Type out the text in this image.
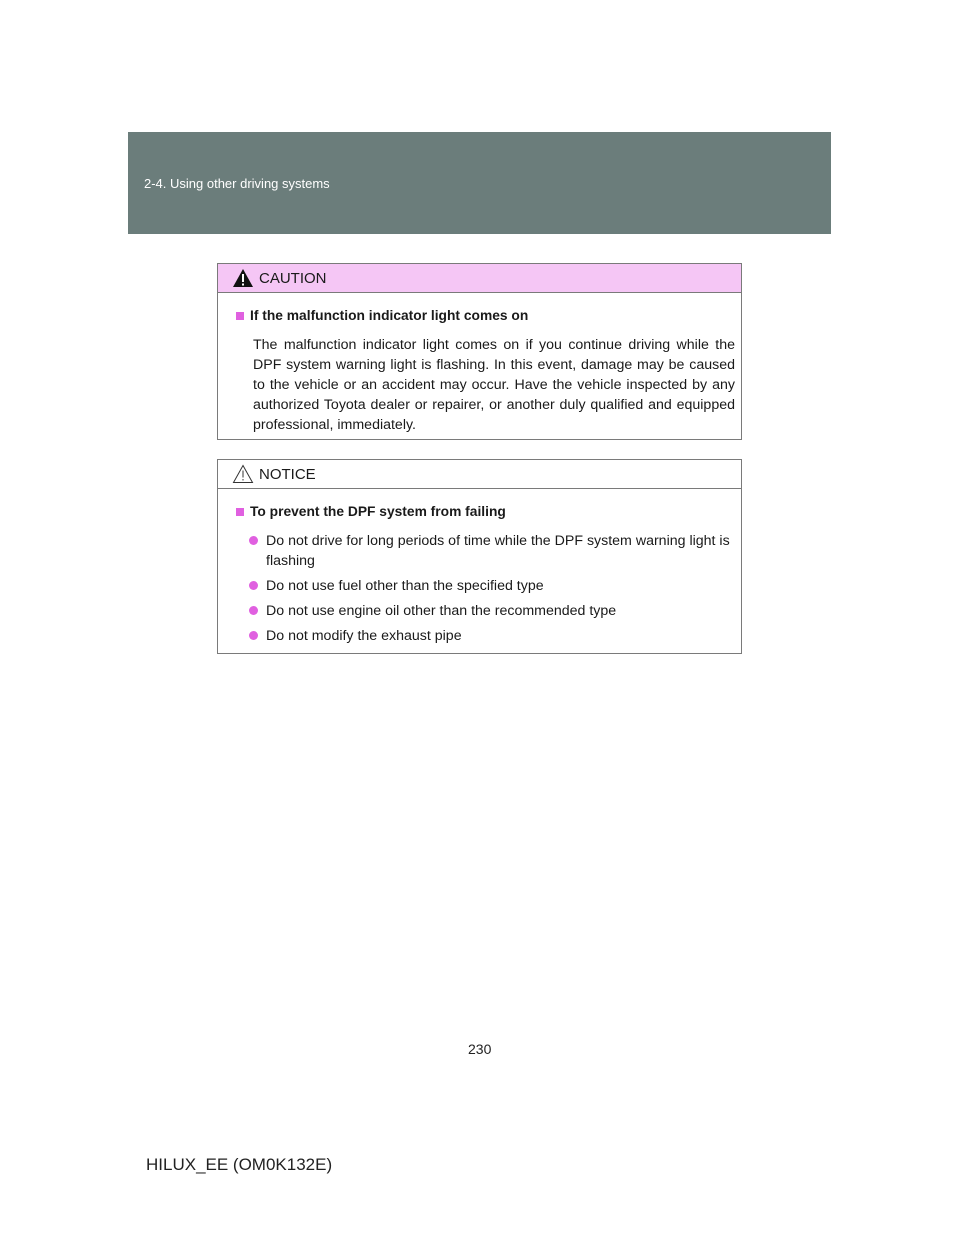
2-4. Using other driving systems
CAUTION
If the malfunction indicator light comes on
The malfunction indicator light comes on if you continue driving while the DPF system warning light is flashing. In this event, damage may be caused to the vehicle or an accident may occur. Have the vehicle inspected by any authorized Toyota dealer or repairer, or another duly qualified and equipped professional, immediately.
NOTICE
To prevent the DPF system from failing
Do not drive for long periods of time while the DPF system warning light is flashing
Do not use fuel other than the specified type
Do not use engine oil other than the recommended type
Do not modify the exhaust pipe
230
HILUX_EE (OM0K132E)
